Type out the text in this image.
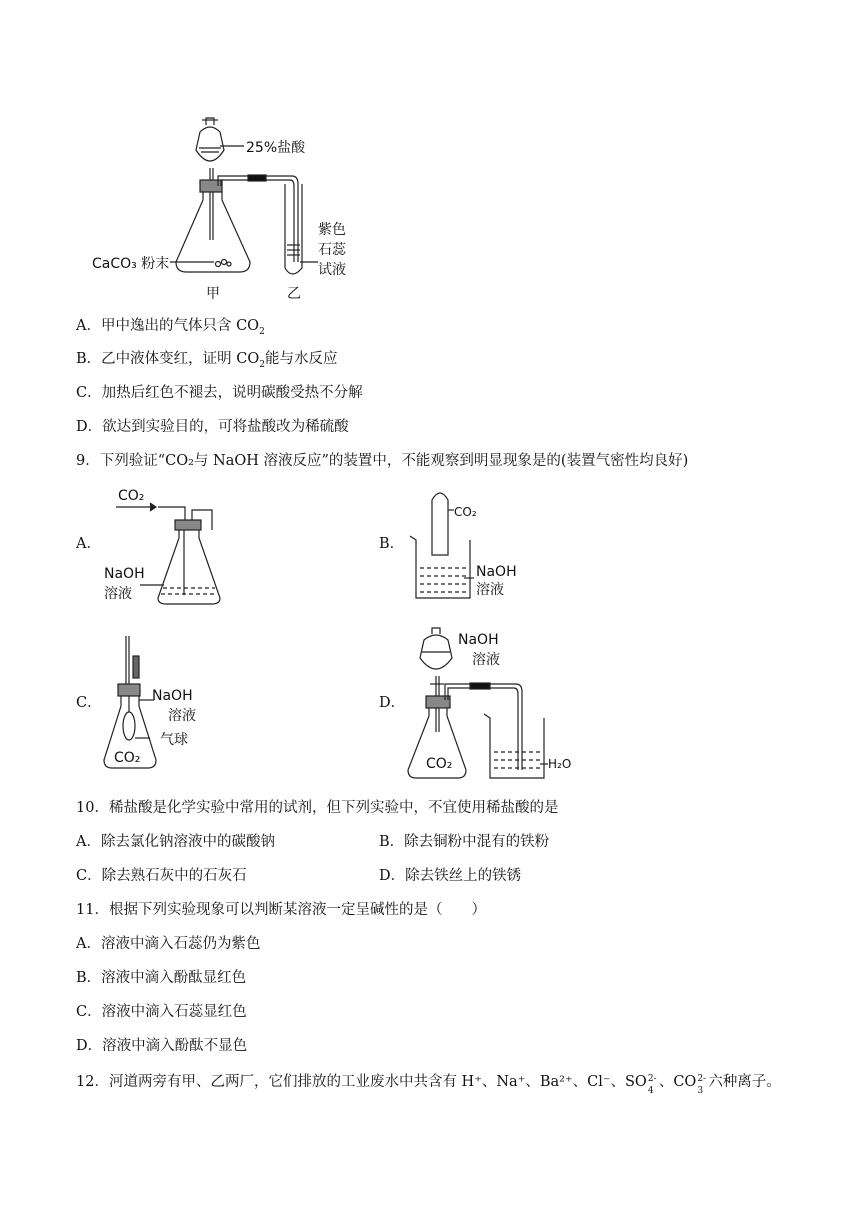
25%盐酸
紫色
石蕊
试液
CaCO₃ 粉末
甲	乙
A．甲中逸出的气体只含 $CO_2$
B．乙中液体变红，证明 $CO_2$能与水反应
C．加热后红色不褪去，说明碳酸受热不分解
D．欲达到实验目的，可将盐酸改为稀硫酸
9．下列验证“CO₂与 NaOH 溶液反应”的装置中，不能观察到明显现象是的(装置气密性均良好)
A．	B．
C．	D．
CO₂
NaOH
溶液
CO₂
NaOH
溶液
NaOH
溶液
气球
CO₂
NaOH
溶液
CO₂	H₂O
10．稀盐酸是化学实验中常用的试剂，但下列实验中，不宜使用稀盐酸的是
A．除去氯化钠溶液中的碳酸钠	B．除去铜粉中混有的铁粉
C．除去熟石灰中的石灰石	D．除去铁丝上的铁锈
11．根据下列实验现象可以判断某溶液一定呈碱性的是（　　）
A．溶液中滴入石蕊仍为紫色
B．溶液中滴入酚酞显红色
C．溶液中滴入石蕊显红色
D．溶液中滴入酚酞不显色
12．河道两旁有甲、乙两厂，它们排放的工业废水中共含有 H⁺、Na⁺、Ba²⁺、Cl⁻、SO 2-
4
、CO 2-
3
六种离子。
